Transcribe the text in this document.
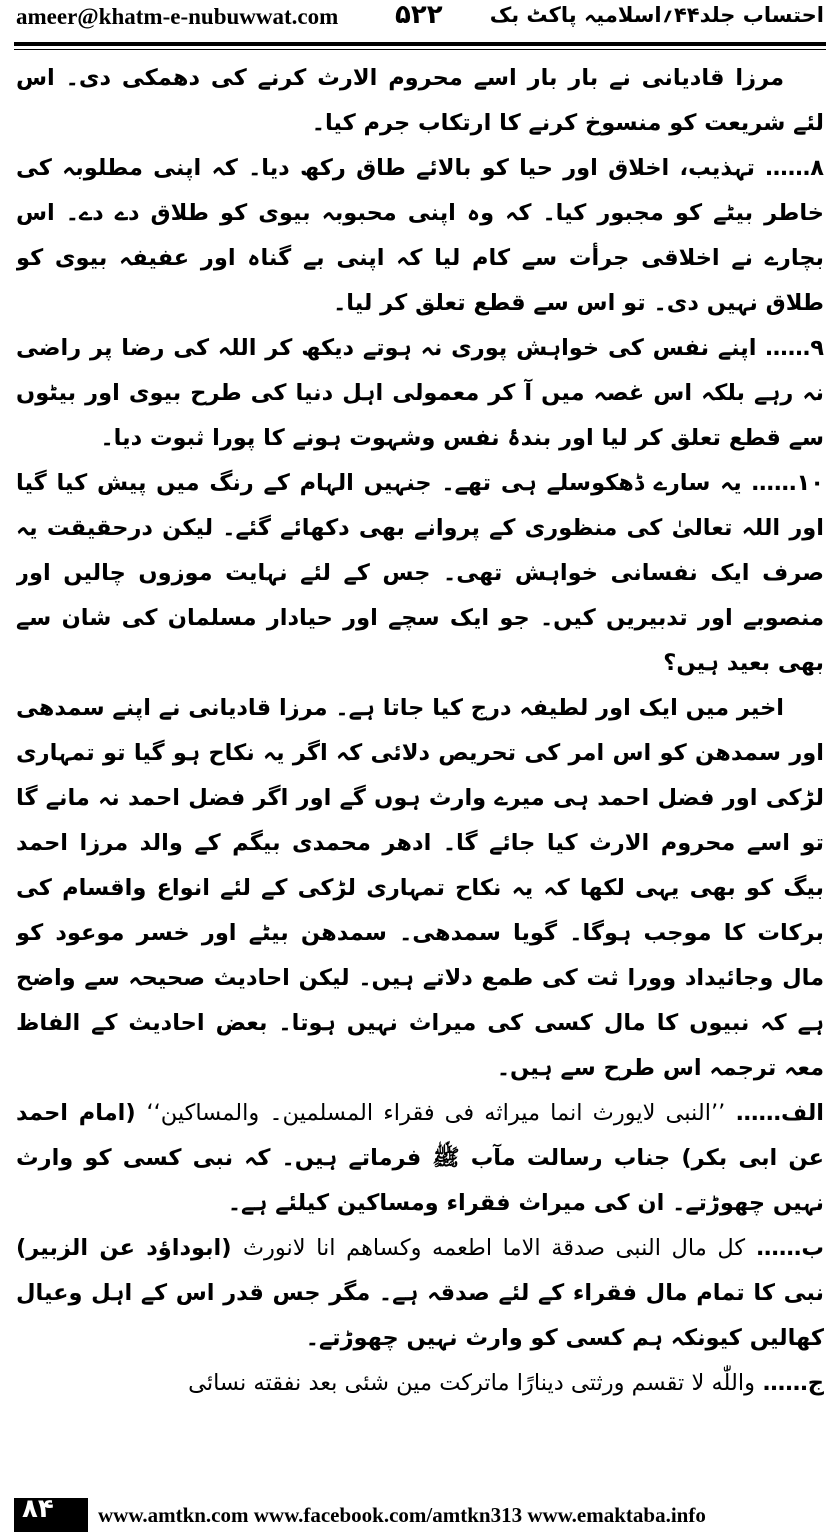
ameer@khatm-e-nubuwwat.com ۵۲۲ احتساب جلد۴۴؍اسلامیہ پاکٹ بک

مرزا قادیانی نے بار بار اسے محروم الارث کرنے کی دھمکی دی۔ اس لئے شریعت کو منسوخ کرنے کا ارتکاب جرم کیا۔

۸…… تہذیب، اخلاق اور حیا کو بالائے طاق رکھ دیا۔ کہ اپنی مطلوبہ کی خاطر بیٹے کو مجبور کیا۔ کہ وہ اپنی محبوبہ بیوی کو طلاق دے دے۔ اس بچارے نے اخلاقی جرأت سے کام لیا کہ اپنی بے گناہ اور عفیفہ بیوی کو طلاق نہیں دی۔ تو اس سے قطع تعلق کر لیا۔

۹…… اپنے نفس کی خواہش پوری نہ ہوتے دیکھ کر اللہ کی رضا پر راضی نہ رہے بلکہ اس غصہ میں آ کر معمولی اہل دنیا کی طرح بیوی اور بیٹوں سے قطع تعلق کر لیا اور بندۂ نفس وشہوت ہونے کا پورا ثبوت دیا۔

۱۰…… یہ سارے ڈھکوسلے ہی تھے۔ جنہیں الہام کے رنگ میں پیش کیا گیا اور اللہ تعالیٰ کی منظوری کے پروانے بھی دکھائے گئے۔ لیکن درحقیقت یہ صرف ایک نفسانی خواہش تھی۔ جس کے لئے نہایت موزوں چالیں اور منصوبے اور تدبیریں کیں۔ جو ایک سچے اور حیادار مسلمان کی شان سے بھی بعید ہیں؟

اخیر میں ایک اور لطیفہ درج کیا جاتا ہے۔ مرزا قادیانی نے اپنے سمدھی اور سمدھن کو اس امر کی تحریص دلائی کہ اگر یہ نکاح ہو گیا تو تمہاری لڑکی اور فضل احمد ہی میرے وارث ہوں گے اور اگر فضل احمد نہ مانے گا تو اسے محروم الارث کیا جائے گا۔ ادھر محمدی بیگم کے والد مرزا احمد بیگ کو بھی یہی لکھا کہ یہ نکاح تمہاری لڑکی کے لئے انواع واقسام کی برکات کا موجب ہوگا۔ گویا سمدھی۔ سمدھن بیٹے اور خسر موعود کو مال وجائیداد وورا ثت کی طمع دلاتے ہیں۔ لیکن احادیث صحیحہ سے واضح ہے کہ نبیوں کا مال کسی کی میراث نہیں ہوتا۔ بعض احادیث کے الفاظ معہ ترجمہ اس طرح سے ہیں۔

الف…… ’’النبی لایورث انما میراثه فی فقراء المسلمین۔ والمساکین‘‘ (امام احمد عن ابی بکر) جناب رسالت مآب ﷺ فرماتے ہیں۔ کہ نبی کسی کو وارث نہیں چھوڑتے۔ ان کی میراث فقراء ومساکین کیلئے ہے۔

ب…… کل مال النبی صدقة الاما اطعمه وکساهم انا لانورث (ابوداؤد عن الزبیر) نبی کا تمام مال فقراء کے لئے صدقہ ہے۔ مگر جس قدر اس کے اہل وعیال کھالیں کیونکہ ہم کسی کو وارث نہیں چھوڑتے۔

ج…… واللّٰه لا تقسم ورثتی دینارًا ماترکت مین شئی بعد نفقته نسائی

۸۴ www.amtkn.com www.facebook.com/amtkn313 www.emaktaba.info
